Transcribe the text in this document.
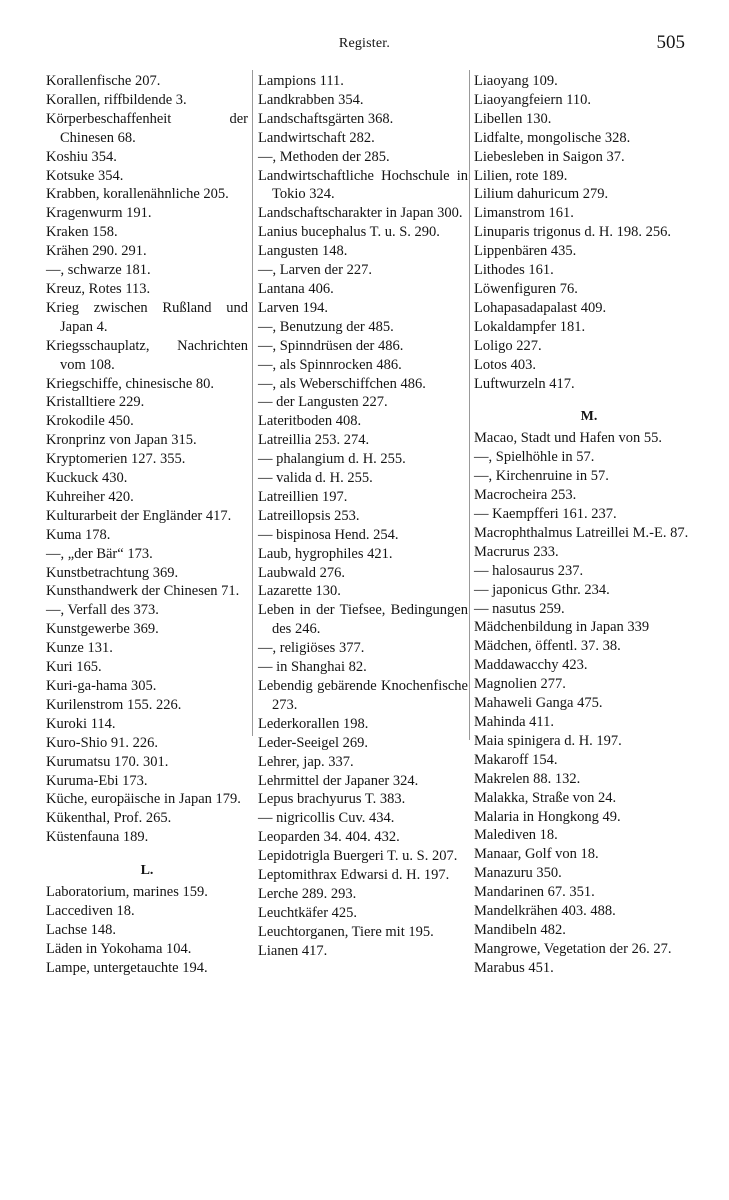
Register.	505
Korallenfische 207.
Korallen, riffbildende 3.
Körperbeschaffenheit der Chinesen 68.
Koshiu 354.
Kotsuke 354.
Krabben, korallenähnliche 205.
Kragenwurm 191.
Kraken 158.
Krähen 290. 291.
—, schwarze 181.
Kreuz, Rotes 113.
Krieg zwischen Rußland und Japan 4.
Kriegsschauplatz, Nachrichten vom 108.
Kriegschiffe, chinesische 80.
Kristalltiere 229.
Krokodile 450.
Kronprinz von Japan 315.
Kryptomerien 127. 355.
Kuckuck 430.
Kuhreiher 420.
Kulturarbeit der Engländer 417.
Kuma 178.
—, „der Bär“ 173.
Kunstbetrachtung 369.
Kunsthandwerk der Chinesen 71.
—, Verfall des 373.
Kunstgewerbe 369.
Kunze 131.
Kuri 165.
Kuri-ga-hama 305.
Kurilenstrom 155. 226.
Kuroki 114.
Kuro-Shio 91. 226.
Kurumatsu 170. 301.
Kuruma-Ebi 173.
Küche, europäische in Japan 179.
Kükenthal, Prof. 265.
Küstenfauna 189.
L.
Laboratorium, marines 159.
Laccediven 18.
Lachse 148.
Läden in Yokohama 104.
Lampe, untergetauchte 194.
Lampions 111.
Landkrabben 354.
Landschaftsgärten 368.
Landwirtschaft 282.
—, Methoden der 285.
Landwirtschaftliche Hochschule in Tokio 324.
Landschaftscharakter in Japan 300.
Lanius bucephalus T. u. S. 290.
Langusten 148.
—, Larven der 227.
Lantana 406.
Larven 194.
—, Benutzung der 485.
—, Spinndrüsen der 486.
—, als Spinnrocken 486.
—, als Weberschiffchen 486.
— der Langusten 227.
Lateritboden 408.
Latreillia 253. 274.
— phalangium d. H. 255.
— valida d. H. 255.
Latreillien 197.
Latreillopsis 253.
— bispinosa Hend. 254.
Laub, hygrophiles 421.
Laubwald 276.
Lazarette 130.
Leben in der Tiefsee, Bedingungen des 246.
—, religiöses 377.
— in Shanghai 82.
Lebendig gebärende Knochenfische 273.
Lederkorallen 198.
Leder-Seeigel 269.
Lehrer, jap. 337.
Lehrmittel der Japaner 324.
Lepus brachyurus T. 383.
— nigricollis Cuv. 434.
Leoparden 34. 404. 432.
Lepidotrigla Buergeri T. u. S. 207.
Leptomithrax Edwarsi d. H. 197.
Lerche 289. 293.
Leuchtkäfer 425.
Leuchtorganen, Tiere mit 195.
Lianen 417.
Liaoyang 109.
Liaoyangfeiern 110.
Libellen 130.
Lidfalte, mongolische 328.
Liebesleben in Saigon 37.
Lilien, rote 189.
Lilium dahuricum 279.
Limanstrom 161.
Linuparis trigonus d. H. 198. 256.
Lippenbären 435.
Lithodes 161.
Löwenfiguren 76.
Lohapasadapalast 409.
Lokaldampfer 181.
Loligo 227.
Lotos 403.
Luftwurzeln 417.
M.
Macao, Stadt und Hafen von 55.
—, Spielhöhle in 57.
—, Kirchenruine in 57.
Macrocheira 253.
— Kaempfferi 161. 237.
Macrophthalmus Latreillei M.-E. 87.
Macrurus 233.
— halosaurus 237.
— japonicus Gthr. 234.
— nasutus 259.
Mädchenbildung in Japan 339
Mädchen, öffentl. 37. 38.
Maddawacchy 423.
Magnolien 277.
Mahaweli Ganga 475.
Mahinda 411.
Maia spinigera d. H. 197.
Makaroff 154.
Makrelen 88. 132.
Malakka, Straße von 24.
Malaria in Hongkong 49.
Malediven 18.
Manaar, Golf von 18.
Manazuru 350.
Mandarinen 67. 351.
Mandelkrähen 403. 488.
Mandibeln 482.
Mangrowe, Vegetation der 26. 27.
Marabus 451.
